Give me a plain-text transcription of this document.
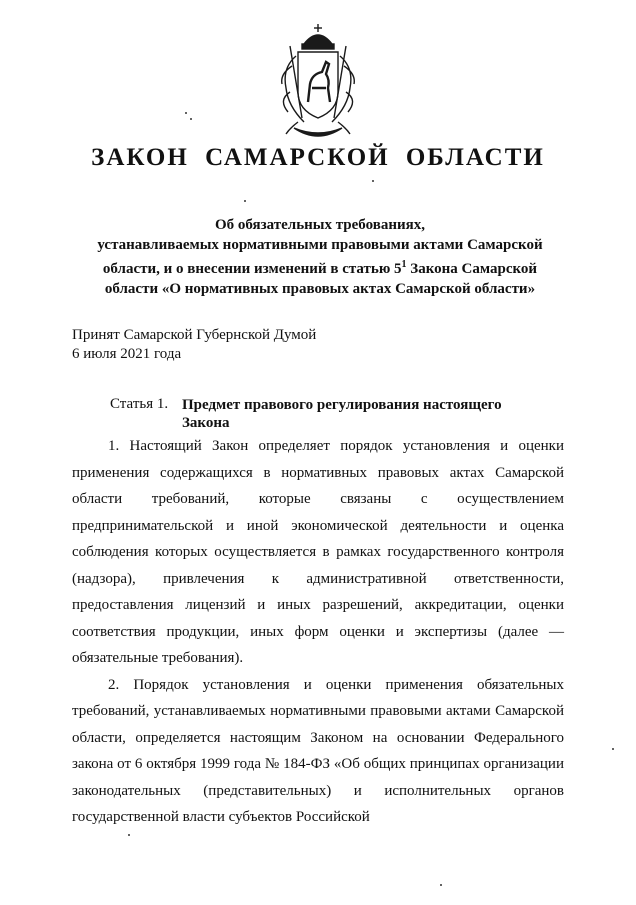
ЗАКОН САМАРСКОЙ ОБЛАСТИ
Об обязательных требованиях,
устанавливаемых нормативными правовыми актами Самарской
области, и о внесении изменений в статью $5^1$ Закона Самарской
области «О нормативных правовых актах Самарской области»
Принят Самарской Губернской Думой
6 июля 2021 года
Статья 1. Предмет правового регулирования настоящего Закона

1. Настоящий Закон определяет порядок установления и оценки применения содержащихся в нормативных правовых актах Самарской области требований, которые связаны с осуществлением предпринимательской и иной экономической деятельности и оценка соблюдения которых осуществляется в рамках государственного контроля (надзора), привлечения к административной ответственности, предоставления лицензий и иных разрешений, аккредитации, оценки соответствия продукции, иных форм оценки и экспертизы (далее — обязательные требования).

2. Порядок установления и оценки применения обязательных требований, устанавливаемых нормативными правовыми актами Самарской области, определяется настоящим Законом на основании Федерального закона от 6 октября 1999 года № 184-ФЗ «Об общих принципах организации законодательных (представительных) и исполнительных органов государственной власти субъектов Российской
